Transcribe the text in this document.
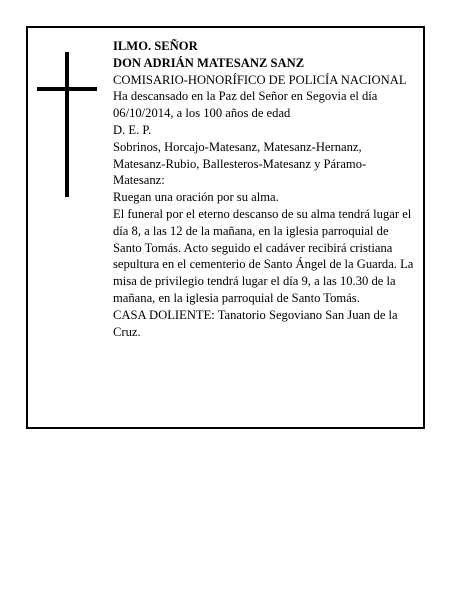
ILMO. SEÑOR

DON ADRIÁN MATESANZ SANZ

COMISARIO-HONORÍFICO DE POLICÍA NACIONAL

Ha descansado en la Paz del Señor en Segovia el día 06/10/2014, a los 100 años de edad

D. E. P.

Sobrinos, Horcajo-Matesanz, Matesanz-Hernanz, Matesanz-Rubio, Ballesteros-Matesanz y Páramo-Matesanz:

Ruegan una oración por su alma.

El funeral por el eterno descanso de su alma tendrá lugar el día 8, a las 12 de la mañana, en la iglesia parroquial de Santo Tomás. Acto seguido el cadáver recibirá cristiana sepultura en el cementerio de Santo Ángel de la Guarda. La misa de privilegio tendrá lugar el día 9, a las 10.30 de la mañana, en la iglesia parroquial de Santo Tomás.

CASA DOLIENTE: Tanatorio Segoviano San Juan de la Cruz.
